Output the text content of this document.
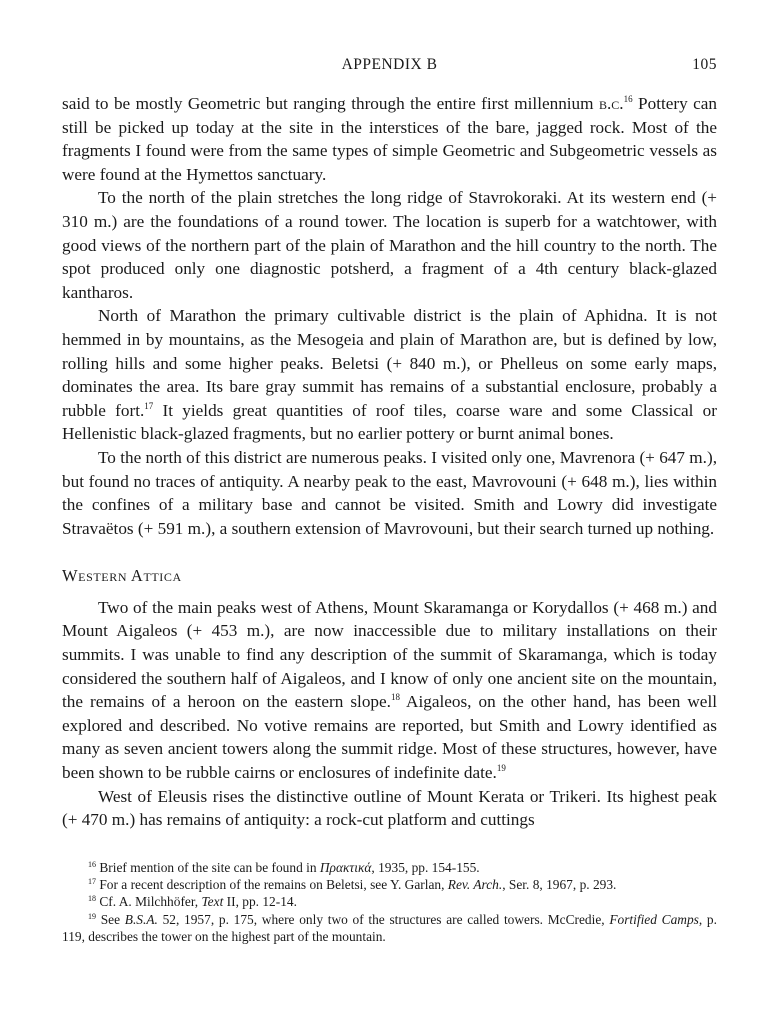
APPENDIX B	105

said to be mostly Geometric but ranging through the entire first millennium b.c.$^{16}$ Pottery can still be picked up today at the site in the interstices of the bare, jagged rock. Most of the fragments I found were from the same types of simple Geometric and Subgeometric vessels as were found at the Hymettos sanctuary.

To the north of the plain stretches the long ridge of Stavrokoraki. At its western end (+ 310 m.) are the foundations of a round tower. The location is superb for a watchtower, with good views of the northern part of the plain of Marathon and the hill country to the north. The spot produced only one diagnostic potsherd, a fragment of a 4th century black-glazed kantharos.

North of Marathon the primary cultivable district is the plain of Aphidna. It is not hemmed in by mountains, as the Mesogeia and plain of Marathon are, but is defined by low, rolling hills and some higher peaks. Beletsi (+ 840 m.), or Phelleus on some early maps, dominates the area. Its bare gray summit has remains of a substantial enclosure, probably a rubble fort.$^{17}$ It yields great quantities of roof tiles, coarse ware and some Classical or Hellenistic black-glazed fragments, but no earlier pottery or burnt animal bones.

To the north of this district are numerous peaks. I visited only one, Mavrenora (+ 647 m.), but found no traces of antiquity. A nearby peak to the east, Mavrovouni (+ 648 m.), lies within the confines of a military base and cannot be visited. Smith and Lowry did investigate Stravaëtos (+ 591 m.), a southern extension of Mavrovouni, but their search turned up nothing.

Western Attica

Two of the main peaks west of Athens, Mount Skaramanga or Korydallos (+ 468 m.) and Mount Aigaleos (+ 453 m.), are now inaccessible due to military installations on their summits. I was unable to find any description of the summit of Skaramanga, which is today considered the southern half of Aigaleos, and I know of only one ancient site on the mountain, the remains of a heroon on the eastern slope.$^{18}$ Aigaleos, on the other hand, has been well explored and described. No votive remains are reported, but Smith and Lowry identified as many as seven ancient towers along the summit ridge. Most of these structures, however, have been shown to be rubble cairns or enclosures of indefinite date.$^{19}$

West of Eleusis rises the distinctive outline of Mount Kerata or Trikeri. Its highest peak (+ 470 m.) has remains of antiquity: a rock-cut platform and cuttings

$^{16}$ Brief mention of the site can be found in Πρακτικά, 1935, pp. 154-155.

$^{17}$ For a recent description of the remains on Beletsi, see Y. Garlan, Rev. Arch., Ser. 8, 1967, p. 293.

$^{18}$ Cf. A. Milchhöfer, Text II, pp. 12-14.

$^{19}$ See B.S.A. 52, 1957, p. 175, where only two of the structures are called towers. McCredie, Fortified Camps, p. 119, describes the tower on the highest part of the mountain.
